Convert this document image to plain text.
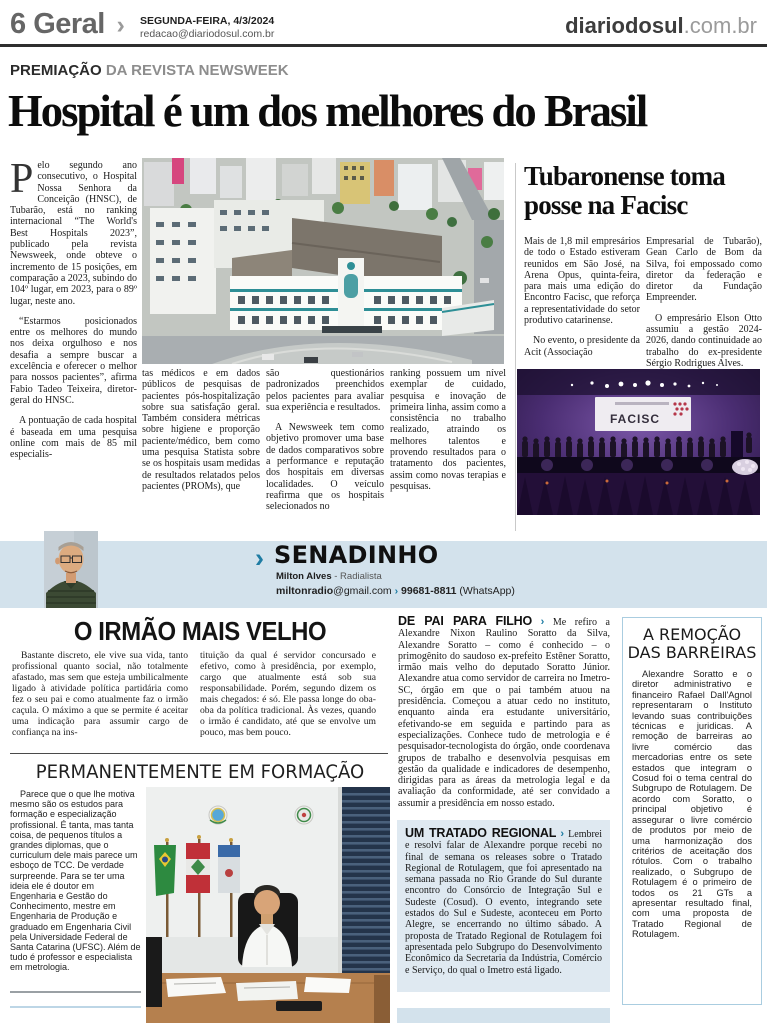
6 Geral › SEGUNDA-FEIRA, 4/3/2024
redacao@diariodosul.com.br	diariodosul.com.br
PREMIAÇÃO DA REVISTA NEWSWEEK
Hospital é um dos melhores do Brasil

Pelo segundo ano consecutivo, o Hospital Nossa Senhora da Conceição (HNSC), de Tubarão, está no ranking internacional “The World's Best Hospitals 2023”, publicado pela revista Newsweek, onde obteve o incremento de 15 posições, em comparação a 2023, subindo do 104º lugar, em 2023, para o 89º lugar, neste ano.

“Estarmos posicionados entre os melhores do mundo nos deixa orgulhoso e nos desafia a sempre buscar a excelência e oferecer o melhor para nossos pacientes”, afirma Fabio Tadeo Teixeira, diretor-geral do HNSC.

A pontuação de cada hospital é baseada em uma pesquisa online com mais de 85 mil especialis-

tas médicos e em dados públicos de pesquisas de pacientes pós-hospitalização sobre sua satisfação geral. Também considera métricas sobre higiene e proporção paciente/médico, bem como uma pesquisa Statista sobre se os hospitais usam medidas de resultados relatados pelos pacientes (PROMs), que

são questionários padronizados preenchidos pelos pacientes para avaliar sua experiência e resultados.

A Newsweek tem como objetivo promover uma base de dados comparativos sobre a performance e reputação dos hospitais em diversas localidades. O veículo reafirma que os hospitais selecionados no

ranking possuem um nível exemplar de cuidado, pesquisa e inovação de primeira linha, assim como a consistência no trabalho realizado, atraindo os melhores talentos e provendo resultados para o tratamento dos pacientes, assim como novas terapias e pesquisas.

Tubaronense toma posse na Facisc

Mais de 1,8 mil empresários de todo o Estado estiveram reunidos em São José, na Arena Opus, quinta-feira, para mais uma edição do Encontro Facisc, que reforça a representatividade do setor produtivo catarinense.

No evento, o presidente da Acit (Associação

Empresarial de Tubarão), Gean Carlo de Bom da Silva, foi empossado como diretor da federação e diretor da Fundação Empreender.

O empresário Elson Otto assumiu a gestão 2024-2026, dando continuidade ao trabalho do ex-presidente Sérgio Rodrigues Alves.

FACISC
› SENADINHO
Milton Alves - Radialista
miltonradio@gmail.com › 99681-8811 (WhatsApp)
O IRMÃO MAIS VELHO

Bastante discreto, ele vive sua vida, tanto profissional quanto social, não totalmente afastado, mas sem que esteja umbilicalmente ligado à atividade política partidária como fez o seu pai e como atualmente faz o irmão caçula. O máximo a que se permite é aceitar uma indicação para assumir cargo de confiança na ins-

tituição da qual é servidor concursado e efetivo, como à presidência, por exemplo, cargo que atualmente está sob sua responsabilidade. Porém, segundo dizem os mais chegados: é só. Ele passa longe do oba-oba da política tradicional. Às vezes, quando o irmão é candidato, até que se envolve um pouco, mas bem pouco.

PERMANENTEMENTE EM FORMAÇÃO

Parece que o que lhe motiva mesmo são os estudos para formação e especialização profissional. É tanta, mas tanta coisa, de pequenos títulos a grandes diplomas, que o curriculum dele mais parece um esboço de TCC. De verdade surpreende. Para se ter uma ideia ele é doutor em Engenharia e Gestão do Conhecimento, mestre em Engenharia de Produção e graduado em Engenharia Civil pela Universidade Federal de Santa Catarina (UFSC). Além de tudo é professor e especialista em metrologia.

DE PAI PARA FILHO › Me refiro a Alexandre Nixon Raulino Soratto da Silva, Alexandre Soratto – como é conhecido – o primogênito do saudoso ex-prefeito Estêner Soratto, irmão mais velho do deputado Soratto Júnior. Alexandre atua como servidor de carreira no Imetro-SC, órgão em que o pai também atuou na presidência. Começou a atuar cedo no instituto, enquanto ainda era estudante universitário, efetivando-se em seguida e partindo para as especializações. Conhece tudo de metrologia e é pesquisador-tecnologista do órgão, onde coordenava grupos de trabalho e desenvolvia pesquisas em gestão da qualidade e indicadores de desempenho, dirigidas para as áreas da metrologia legal e da avaliação da conformidade, até ser convidado a assumir a presidência em nosso estado.

UM TRATADO REGIONAL › Lembrei e resolvi falar de Alexandre porque recebi no final de semana os releases sobre o Tratado Regional de Rotulagem, que foi apresentado na semana passada no Rio Grande do Sul durante encontro do Consórcio de Integração Sul e Sudeste (Cosud). O evento, integrando sete estados do Sul e Sudeste, aconteceu em Porto Alegre, se encerrando no último sábado. A proposta de Tratado Regional de Rotulagem foi apresentada pelo Subgrupo do Desenvolvimento Econômico da Secretaria da Indústria, Comércio e Serviço, do qual o Imetro está ligado.

A REMOÇÃO
DAS BARREIRAS

Alexandre Soratto e o diretor administrativo e financeiro Rafael Dall'Agnol representaram o Instituto levando suas contribuições técnicas e juridicas. A remoção de barreiras ao livre comércio das mercadorias entre os sete estados que integram o Cosud foi o tema central do Subgrupo de Rotulagem. De acordo com Soratto, o principal objetivo é assegurar o livre comércio de produtos por meio de uma harmonização dos critérios de aceitação dos rótulos. Com o trabalho realizado, o Subgrupo de Rotulagem é o primeiro de todos os 21 GTs a apresentar resultado final, com uma proposta de Tratado Regional de Rotulagem.
